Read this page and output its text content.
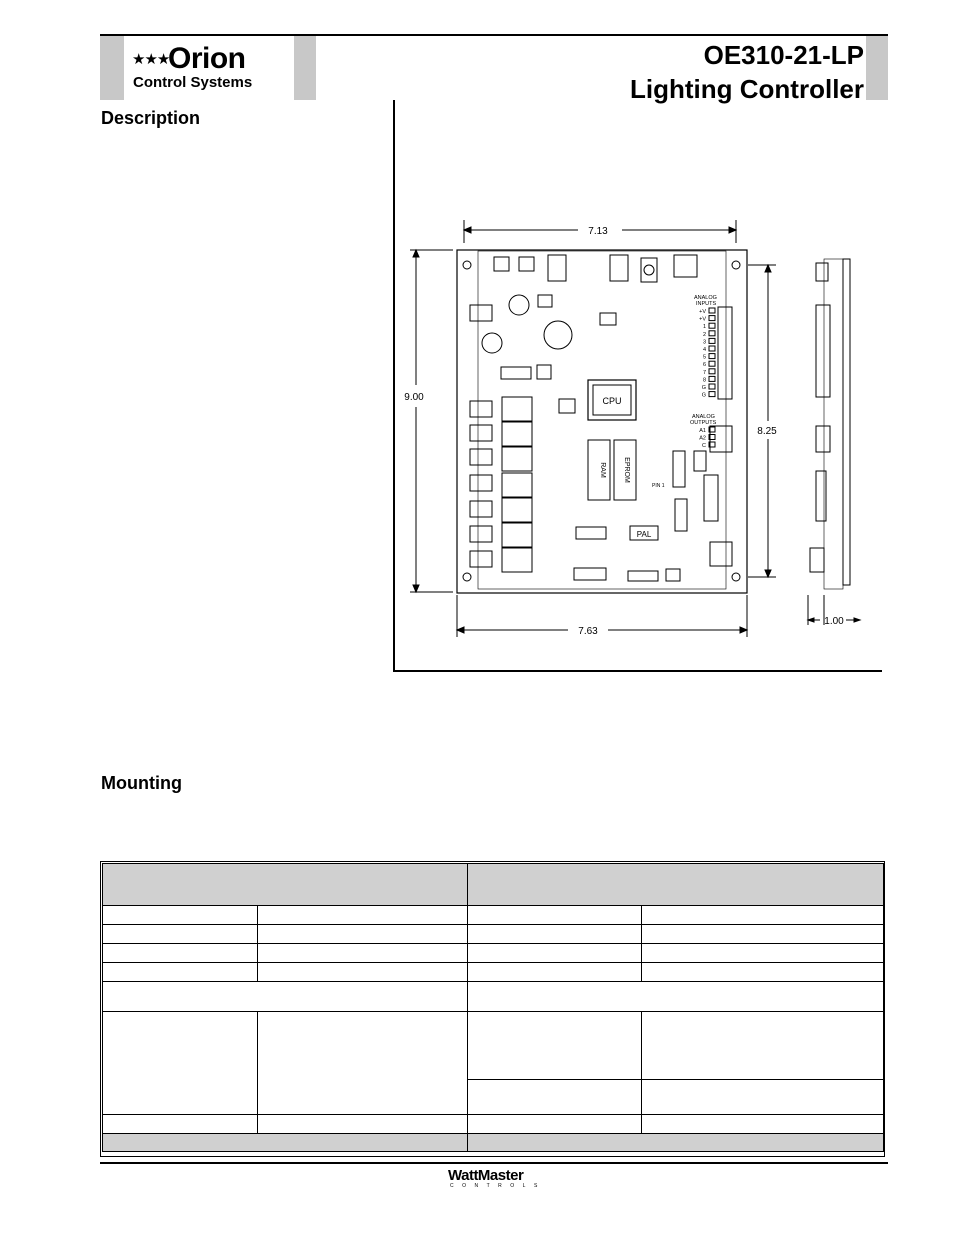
★★★
Orion
Control Systems
OE310-21-LP
Lighting Controller
Description
Mounting
7.13
9.00	CPU
RAM EPROM
PIN 1
PAL
ANALOG
INPUTS
+V
+V
1
2
3
4
5
6
7
8
G
G
ANALOG
OUTPUTS
A1
A2
C
8.25
7.63
1.00

WattMaster
CONTROLS
